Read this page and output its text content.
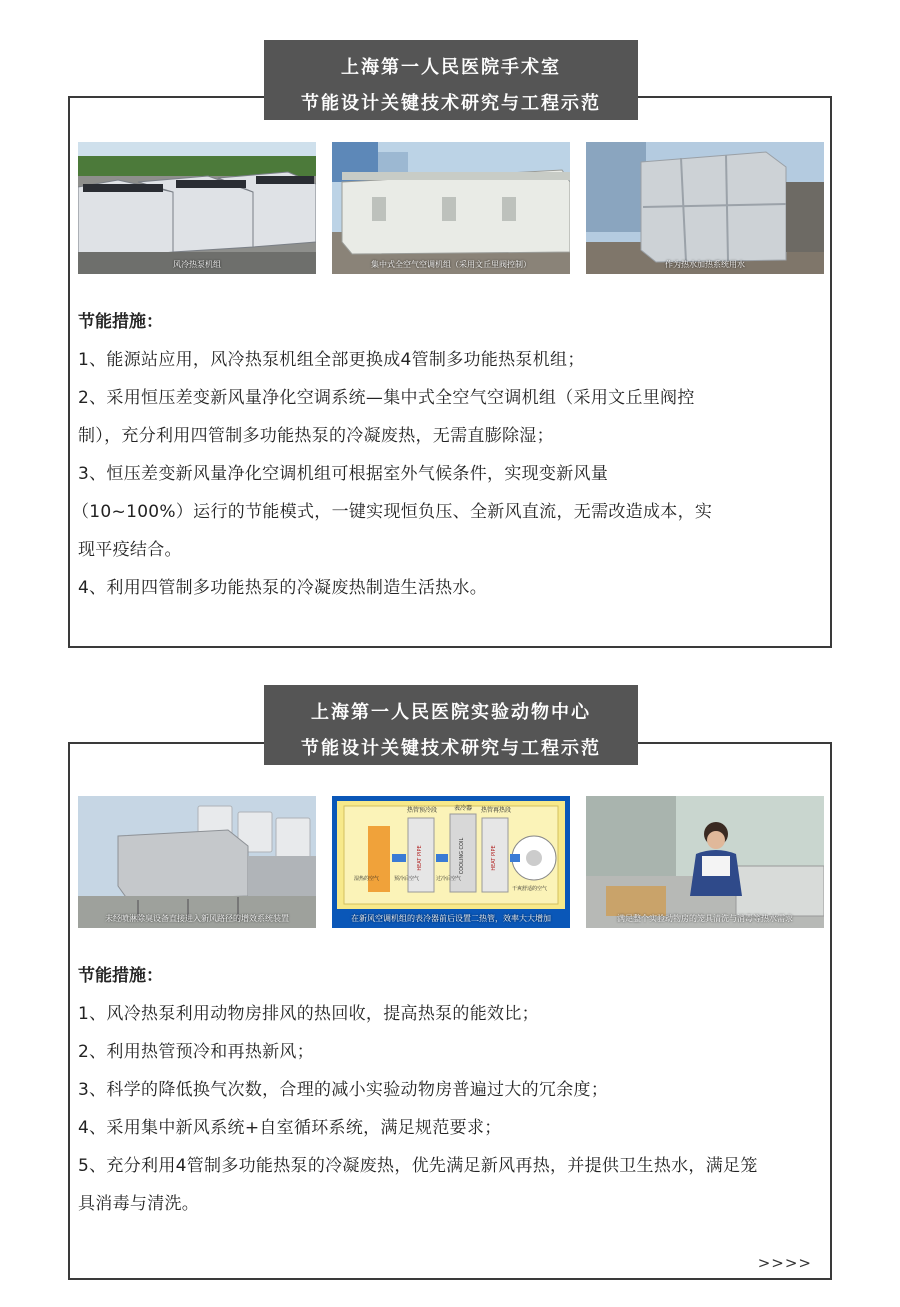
上海第一人民医院手术室
节能设计关键技术研究与工程示范
风冷热泵机组	集中式全空气空调机组（采用文丘里阀控制）	作为热水加热系统用水
节能措施：
1、能源站应用，风冷热泵机组全部更换成4管制多功能热泵机组；
2、采用恒压差变新风量净化空调系统—集中式全空气空调机组（采用文丘里阀控
制），充分利用四管制多功能热泵的冷凝废热，无需直膨除湿；
3、恒压差变新风量净化空调机组可根据室外气候条件，实现变新风量
（10~100%）运行的节能模式，一键实现恒负压、全新风直流，无需改造成本，实
现平疫结合。
4、利用四管制多功能热泵的冷凝废热制造生活热水。
上海第一人民医院实验动物中心
节能设计关键技术研究与工程示范
未经喷淋除臭设备直接进入新风路径的增效系统装置
热管预冷段	表冷器 热管再热段
HEAT PIPE	COOLING COIL	HEAT PIPE
湿热的空气	预冷后空气	过冷后空气
干爽舒适的空气
在新风空调机组的表冷器前后设置二热管，效率大大增加	满足整个实验动物房的笼具清洗与消毒等热水需求
节能措施：
1、风冷热泵利用动物房排风的热回收，提高热泵的能效比；
2、利用热管预冷和再热新风；
3、科学的降低换气次数，合理的减小实验动物房普遍过大的冗余度；
4、采用集中新风系统+自室循环系统，满足规范要求；
5、充分利用4管制多功能热泵的冷凝废热，优先满足新风再热，并提供卫生热水，满足笼
具消毒与清洗。
>>>>
